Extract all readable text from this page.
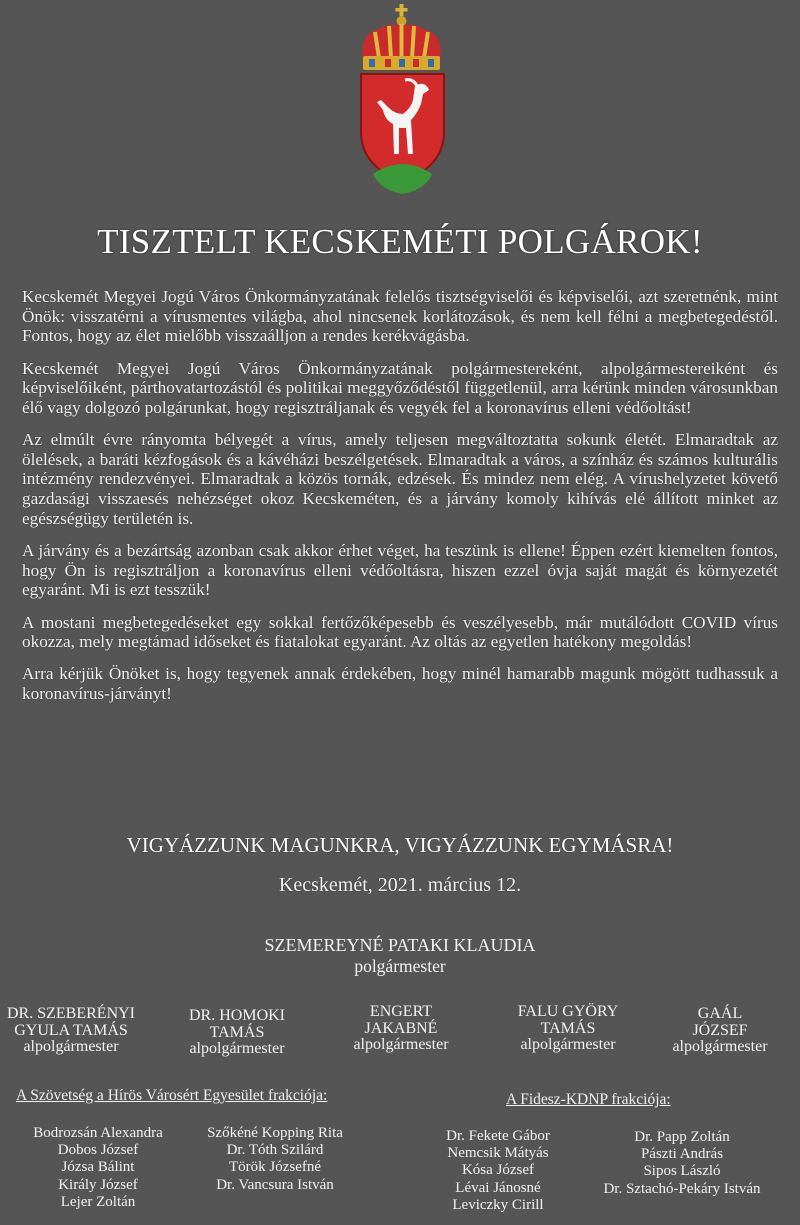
TISZTELT KECSKEMÉTI POLGÁROK!

Kecskemét Megyei Jogú Város Önkormányzatának felelős tisztségviselői és képviselői, azt szeretnénk, mint Önök: visszatérni a vírusmentes világba, ahol nincsenek korlátozások, és nem kell félni a megbetegedéstől. Fontos, hogy az élet mielőbb visszaálljon a rendes kerékvágásba.

Kecskemét Megyei Jogú Város Önkormányzatának polgármestereként, alpolgármestereiként és képviselőiként, párthovatartozástól és politikai meggyőződéstől függetlenül, arra kérünk minden városunkban élő vagy dolgozó polgárunkat, hogy regisztráljanak és vegyék fel a koronavírus elleni védőoltást!

Az elmúlt évre rányomta bélyegét a vírus, amely teljesen megváltoztatta sokunk életét. Elmaradtak az ölelések, a baráti kézfogások és a kávéházi beszélgetések. Elmaradtak a város, a színház és számos kulturális intézmény rendezvényei. Elmaradtak a közös tornák, edzések. És mindez nem elég. A vírushelyzetet követő gazdasági visszaesés nehézséget okoz Kecskeméten, és a járvány komoly kihívás elé állított minket az egészségügy területén is.

A járvány és a bezártság azonban csak akkor érhet véget, ha teszünk is ellene! Éppen ezért kiemelten fontos, hogy Ön is regisztráljon a koronavírus elleni védőoltásra, hiszen ezzel óvja saját magát és környezetét egyaránt. Mi is ezt tesszük!

A mostani megbetegedéseket egy sokkal fertőzőképesebb és veszélyesebb, már mutálódott COVID vírus okozza, mely megtámad időseket és fiatalokat egyaránt. Az oltás az egyetlen hatékony megoldás!

Arra kérjük Önöket is, hogy tegyenek annak érdekében, hogy minél hamarabb magunk mögött tudhassuk a koronavírus-járványt!

VIGYÁZZUNK MAGUNKRA, VIGYÁZZUNK EGYMÁSRA!
Kecskemét, 2021. március 12.
SZEMEREYNÉ PATAKI KLAUDIA
polgármester
DR. SZEBERÉNYI
GYULA TAMÁS
alpolgármester
DR. HOMOKI
TAMÁS
alpolgármester
ENGERT
JAKABNÉ
alpolgármester
FALU GYÖRY
TAMÁS
alpolgármester
GAÁL
JÓZSEF
alpolgármester
A Szövetség a Hírös Városért Egyesület frakciója:
Bodrozsán Alexandra
Dobos József
Józsa Bálint
Király József
Lejer Zoltán
Szőkéné Kopping Rita
Dr. Tóth Szilárd
Török Józsefné
Dr. Vancsura István
A Fidesz-KDNP frakciója:
Dr. Fekete Gábor
Nemcsik Mátyás
Kósa József
Lévai Jánosné
Leviczky Cirill
Dr. Papp Zoltán
Pászti András
Sipos László
Dr. Sztachó-Pekáry István
